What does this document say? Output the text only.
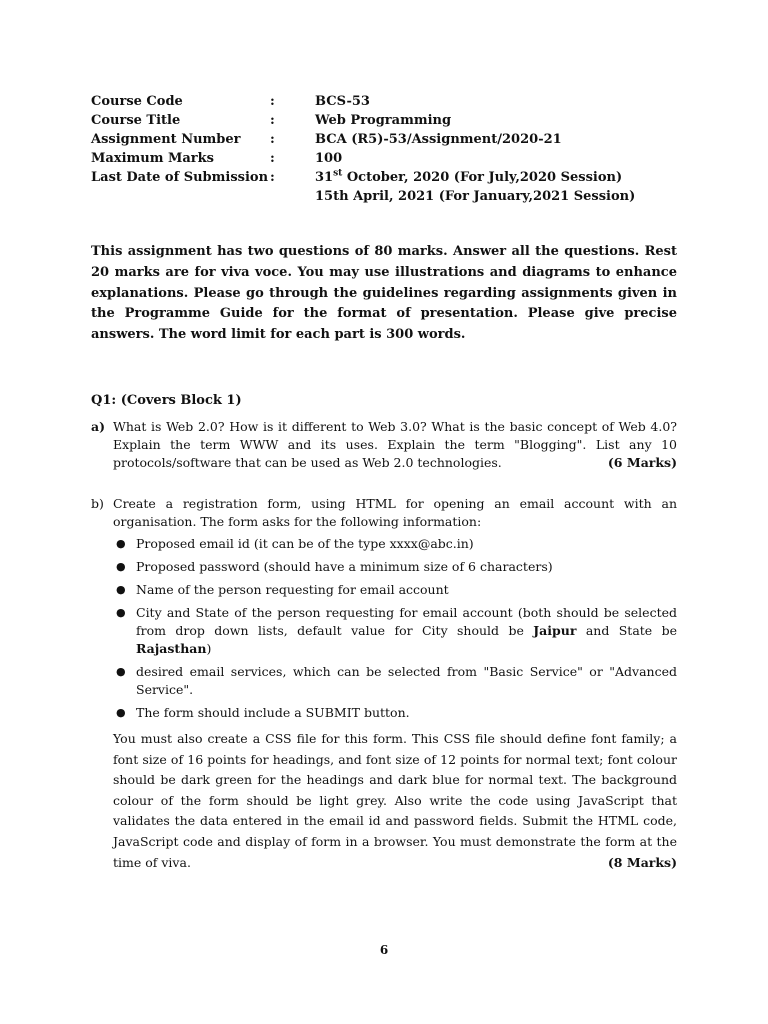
Course Code	:	BCS-53
Course Title	:	Web Programming
Assignment Number	:	BCA (R5)-53/Assignment/2020-21
Maximum Marks	:	100
Last Date of Submission :	31st October, 2020 (For July,2020 Session)
15th April, 2021 (For January,2021 Session)
This assignment has two questions of 80 marks. Answer all the questions. Rest 20 marks are for viva voce. You may use illustrations and diagrams to enhance explanations. Please go through the guidelines regarding assignments given in the Programme Guide for the format of presentation. Please give precise answers. The word limit for each part is 300 words.
Q1: (Covers Block 1)
a) What is Web 2.0? How is it different to Web 3.0? What is the basic concept of Web 4.0? Explain the term WWW and its uses. Explain the term "Blogging". List any 10 protocols/software that can be used as Web 2.0 technologies.	(6 Marks)
b) Create a registration form, using HTML for opening an email account with an organisation. The form asks for the following information:
● Proposed email id (it can be of the type xxxx@abc.in)
● Proposed password (should have a minimum size of 6 characters)
● Name of the person requesting for email account
● City and State of the person requesting for email account (both should be selected from drop down lists, default value for City should be Jaipur and State be Rajasthan)
● desired email services, which can be selected from "Basic Service" or "Advanced Service".
● The form should include a SUBMIT button.
You must also create a CSS file for this form. This CSS file should define font family; a font size of 16 points for headings, and font size of 12 points for normal text; font colour should be dark green for the headings and dark blue for normal text. The background colour of the form should be light grey. Also write the code using JavaScript that validates the data entered in the email id and password fields. Submit the HTML code, JavaScript code and display of form in a browser. You must demonstrate the form at the time of viva.	(8 Marks)
6
